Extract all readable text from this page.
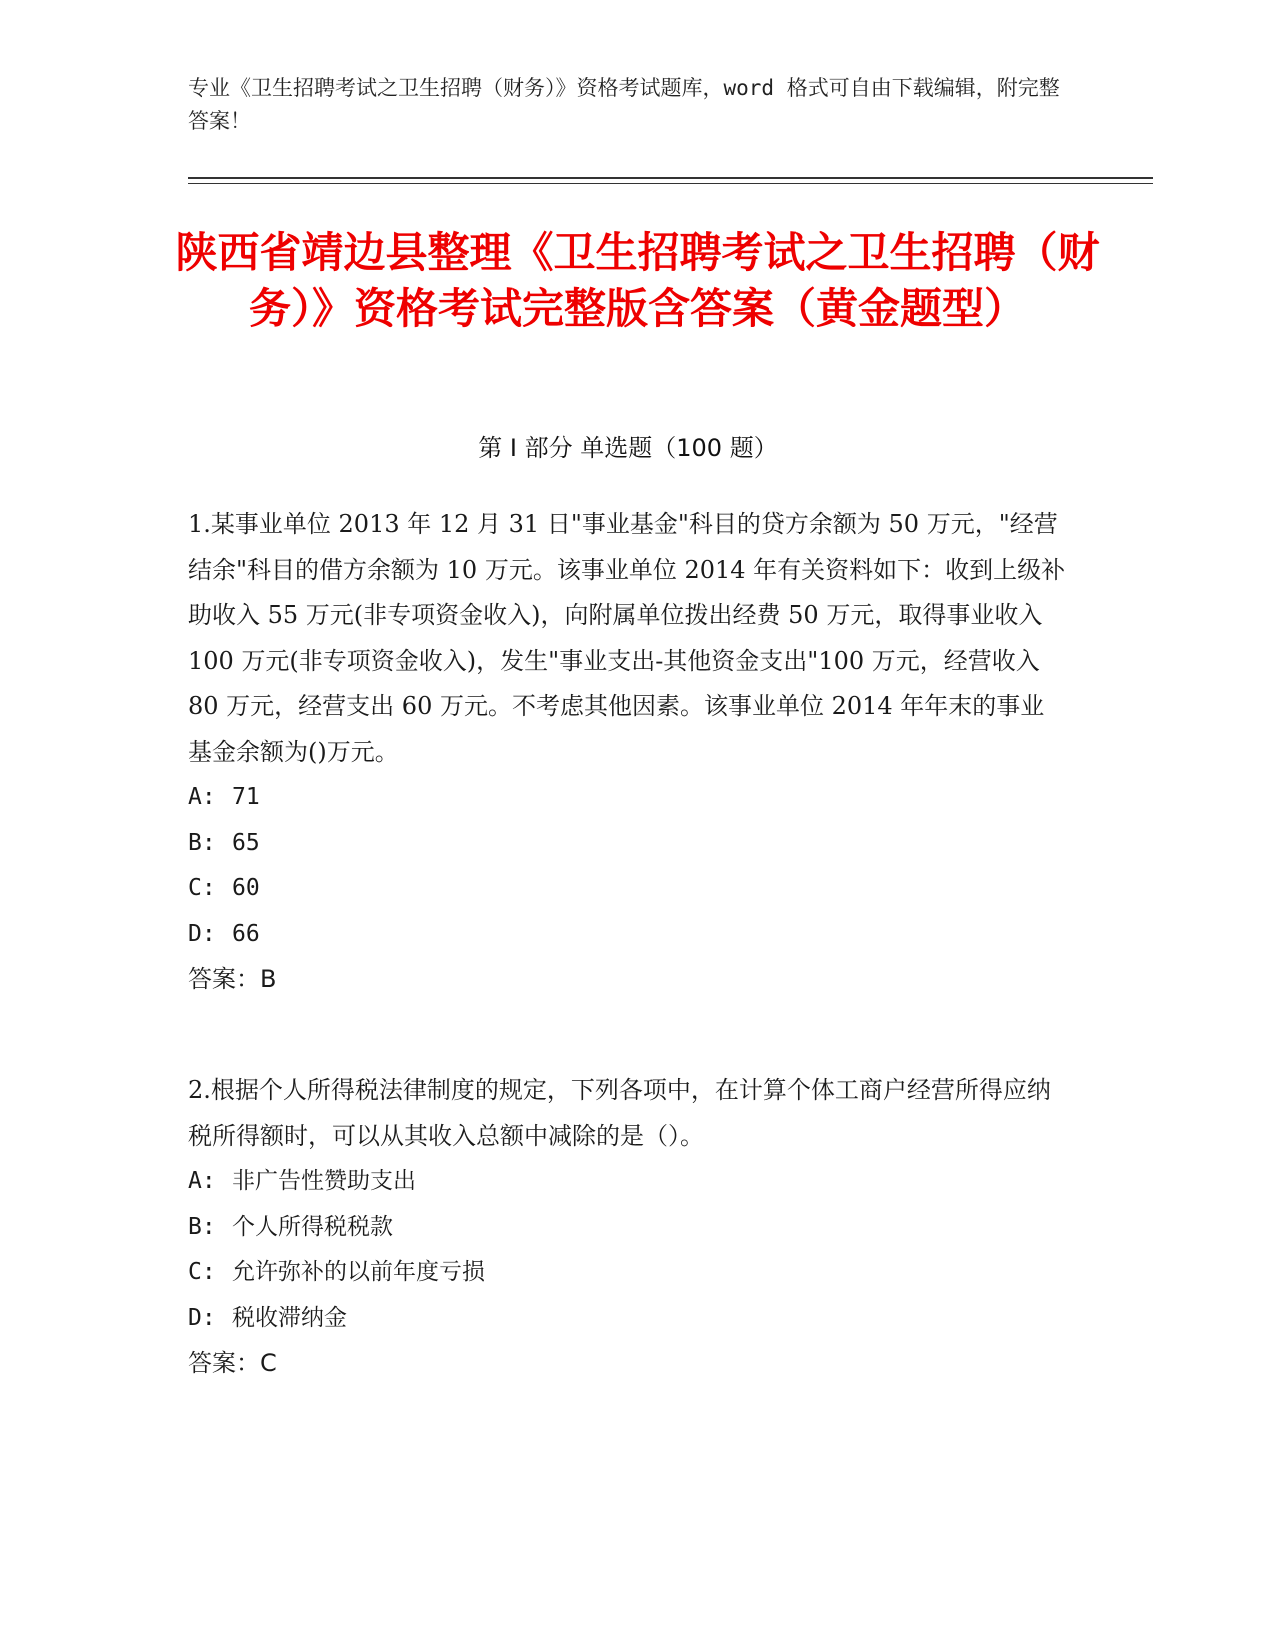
专业《卫生招聘考试之卫生招聘（财务）》资格考试题库，word 格式可自由下载编辑，附完整答案！
陕西省靖边县整理《卫生招聘考试之卫生招聘（财务）》资格考试完整版含答案（黄金题型）
第 I 部分 单选题（100 题）

1.某事业单位 2013 年 12 月 31 日"事业基金"科目的贷方余额为 50 万元，"经营结余"科目的借方余额为 10 万元。该事业单位 2014 年有关资料如下：收到上级补助收入 55 万元(非专项资金收入)，向附属单位拨出经费 50 万元，取得事业收入 100 万元(非专项资金收入)，发生"事业支出-其他资金支出"100 万元，经营收入 80 万元，经营支出 60 万元。不考虑其他因素。该事业单位 2014 年年末的事业基金余额为()万元。

A: 71

B: 65

C: 60

D: 66

答案：B

2.根据个人所得税法律制度的规定，下列各项中，在计算个体工商户经营所得应纳税所得额时，可以从其收入总额中减除的是（）。

A: 非广告性赞助支出

B: 个人所得税税款

C: 允许弥补的以前年度亏损

D: 税收滞纳金

答案：C
